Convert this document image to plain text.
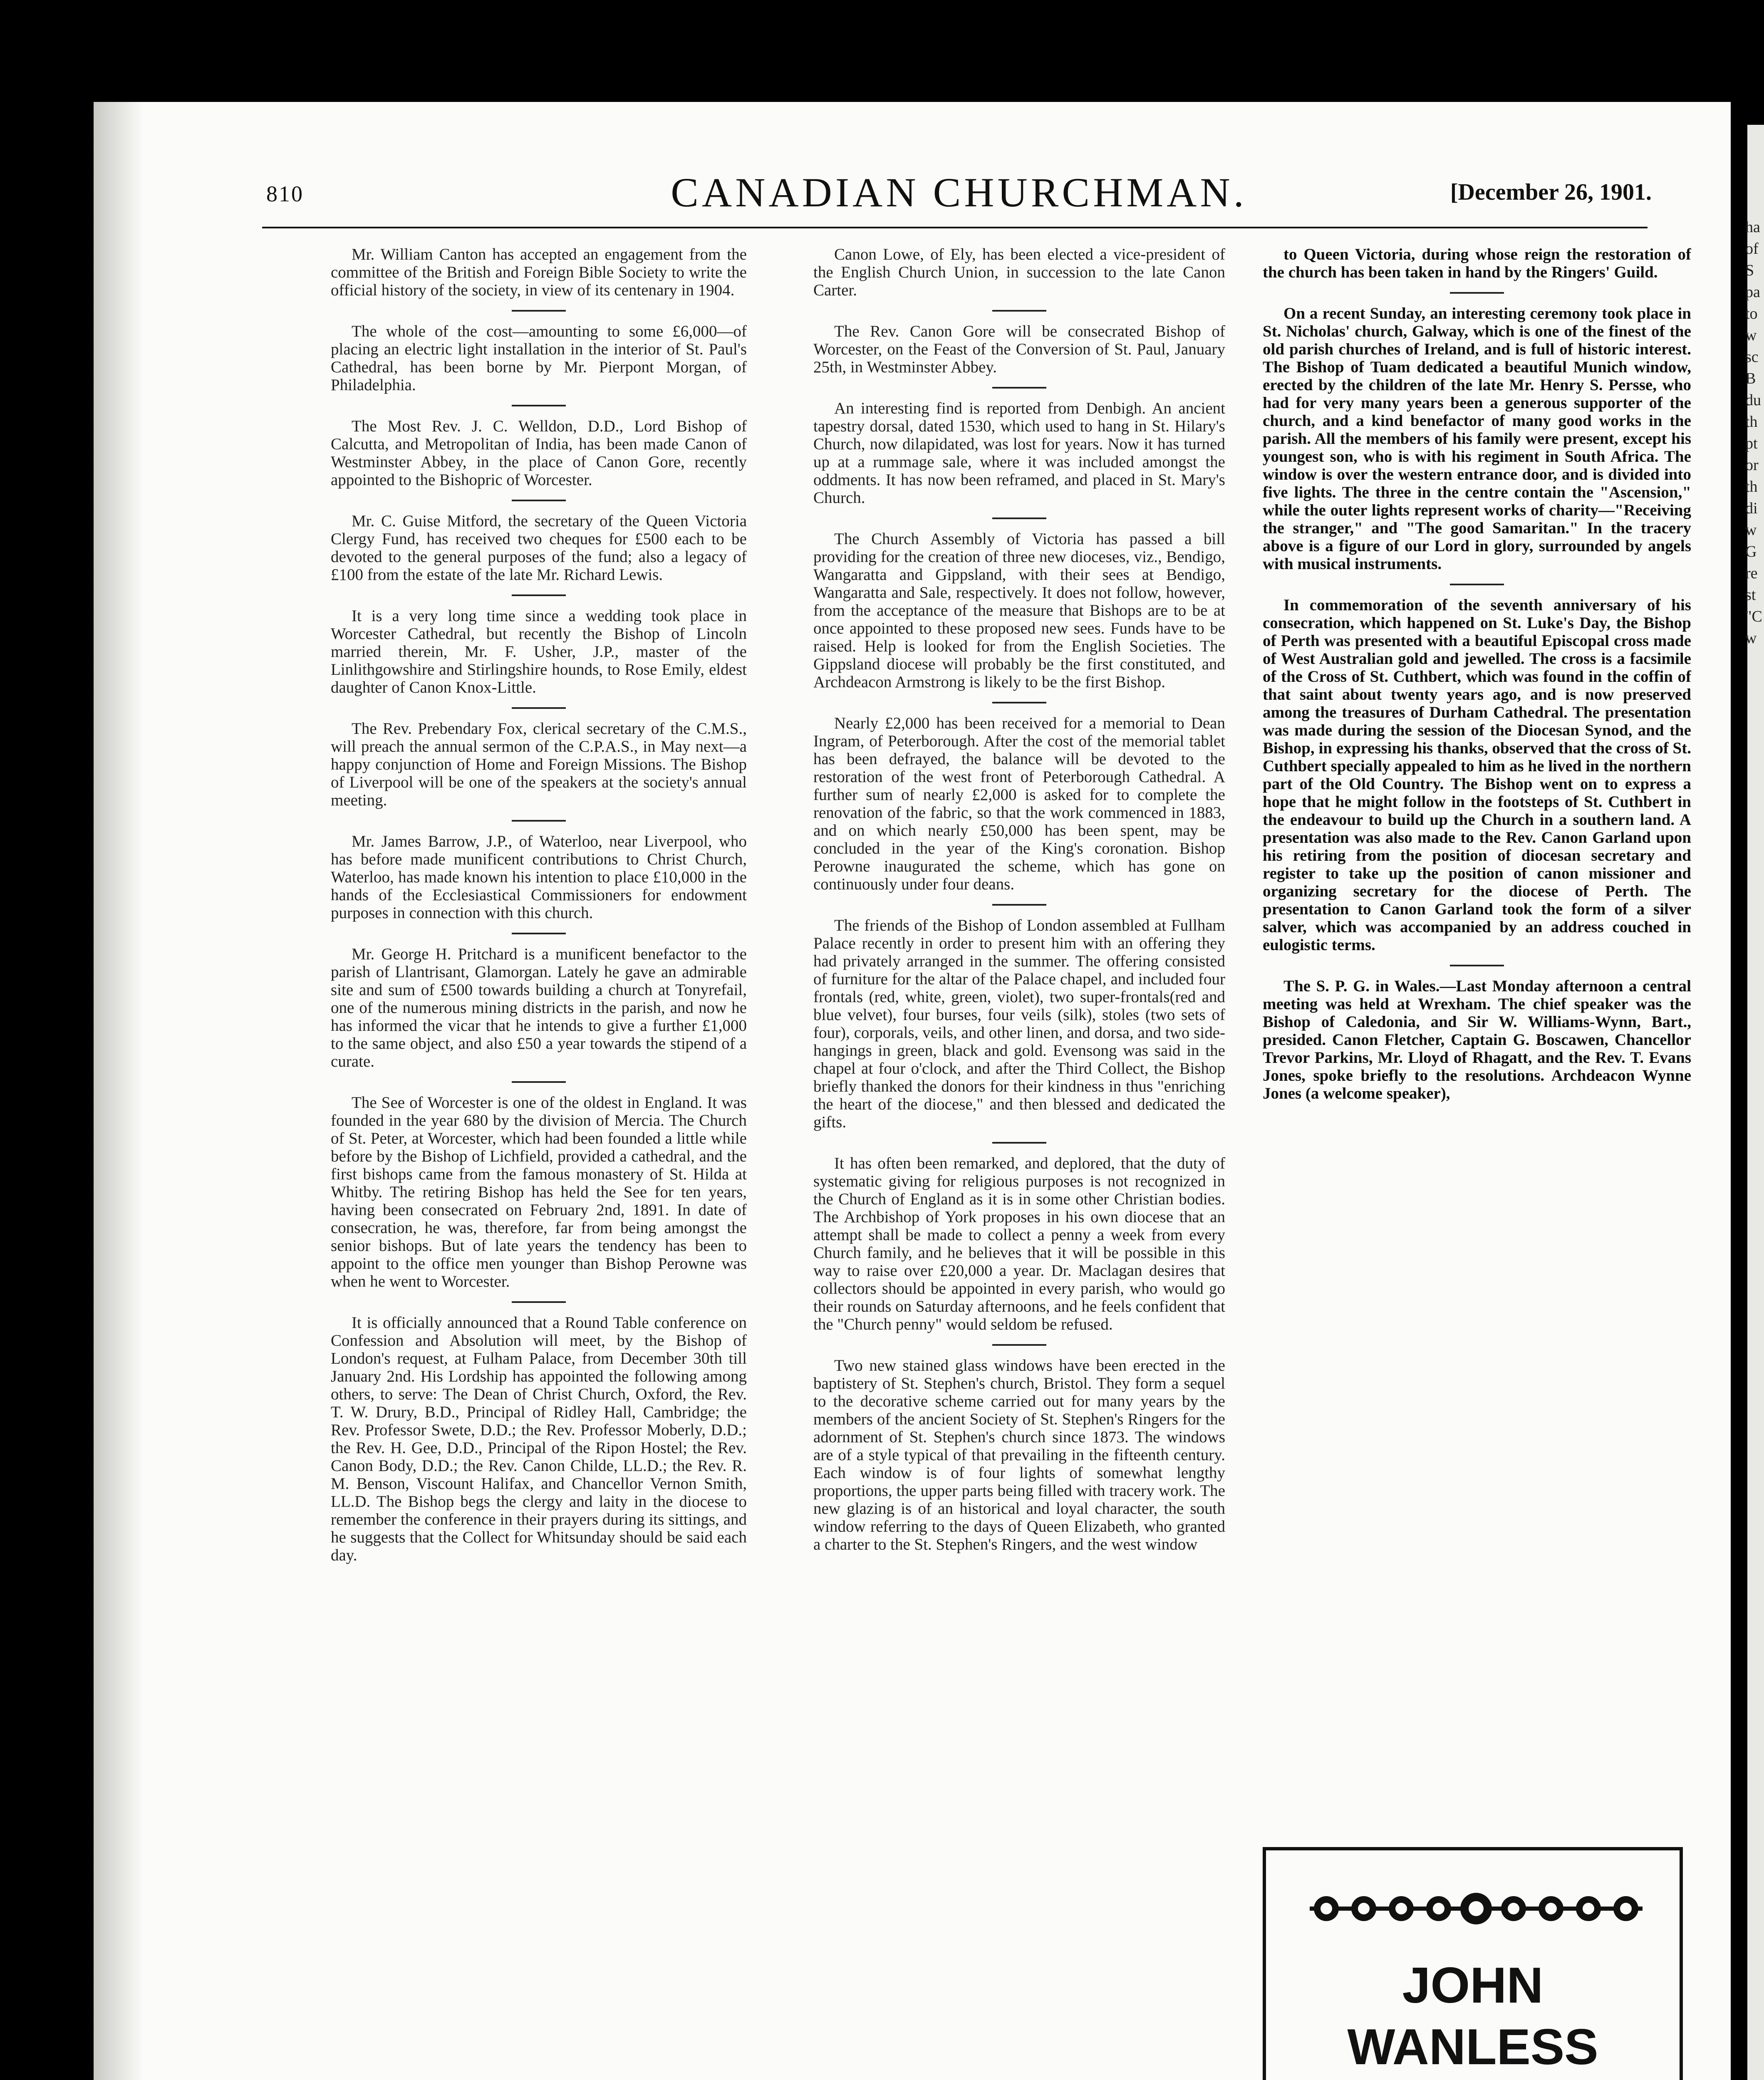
810	CANADIAN CHURCHMAN.	[December 26, 1901.

Mr. William Canton has accepted an engagement from the committee of the British and Foreign Bible Society to write the official history of the society, in view of its centenary in 1904.

The whole of the cost—amounting to some £6,000—of placing an electric light installation in the interior of St. Paul's Cathedral, has been borne by Mr. Pierpont Morgan, of Philadelphia.

The Most Rev. J. C. Welldon, D.D., Lord Bishop of Calcutta, and Metropolitan of India, has been made Canon of Westminster Abbey, in the place of Canon Gore, recently appointed to the Bishopric of Worcester.

Mr. C. Guise Mitford, the secretary of the Queen Victoria Clergy Fund, has received two cheques for £500 each to be devoted to the general purposes of the fund; also a legacy of £100 from the estate of the late Mr. Richard Lewis.

It is a very long time since a wedding took place in Worcester Cathedral, but recently the Bishop of Lincoln married therein, Mr. F. Usher, J.P., master of the Linlithgowshire and Stirlingshire hounds, to Rose Emily, eldest daughter of Canon Knox-Little.

The Rev. Prebendary Fox, clerical secretary of the C.M.S., will preach the annual sermon of the C.P.A.S., in May next—a happy conjunction of Home and Foreign Missions. The Bishop of Liverpool will be one of the speakers at the society's annual meeting.

Mr. James Barrow, J.P., of Waterloo, near Liverpool, who has before made munificent contributions to Christ Church, Waterloo, has made known his intention to place £10,000 in the hands of the Ecclesiastical Commissioners for endowment purposes in connection with this church.

Mr. George H. Pritchard is a munificent benefactor to the parish of Llantrisant, Glamorgan. Lately he gave an admirable site and sum of £500 towards building a church at Tonyrefail, one of the numerous mining districts in the parish, and now he has informed the vicar that he intends to give a further £1,000 to the same object, and also £50 a year towards the stipend of a curate.

The See of Worcester is one of the oldest in England. It was founded in the year 680 by the division of Mercia. The Church of St. Peter, at Worcester, which had been founded a little while before by the Bishop of Lichfield, provided a cathedral, and the first bishops came from the famous monastery of St. Hilda at Whitby. The retiring Bishop has held the See for ten years, having been consecrated on February 2nd, 1891. In date of consecration, he was, therefore, far from being amongst the senior bishops. But of late years the tendency has been to appoint to the office men younger than Bishop Perowne was when he went to Worcester.

It is officially announced that a Round Table conference on Confession and Absolution will meet, by the Bishop of London's request, at Fulham Palace, from December 30th till January 2nd. His Lordship has appointed the following among others, to serve: The Dean of Christ Church, Oxford, the Rev. T. W. Drury, B.D., Principal of Ridley Hall, Cambridge; the Rev. Professor Swete, D.D.; the Rev. Professor Moberly, D.D.; the Rev. H. Gee, D.D., Principal of the Ripon Hostel; the Rev. Canon Body, D.D.; the Rev. Canon Childe, LL.D.; the Rev. R. M. Benson, Viscount Halifax, and Chancellor Vernon Smith, LL.D. The Bishop begs the clergy and laity in the diocese to remember the conference in their prayers during its sittings, and he suggests that the Collect for Whitsunday should be said each day.

Canon Lowe, of Ely, has been elected a vice-president of the English Church Union, in succession to the late Canon Carter.

The Rev. Canon Gore will be consecrated Bishop of Worcester, on the Feast of the Conversion of St. Paul, January 25th, in Westminster Abbey.

An interesting find is reported from Denbigh. An ancient tapestry dorsal, dated 1530, which used to hang in St. Hilary's Church, now dilapidated, was lost for years. Now it has turned up at a rummage sale, where it was included amongst the oddments. It has now been reframed, and placed in St. Mary's Church.

The Church Assembly of Victoria has passed a bill providing for the creation of three new dioceses, viz., Bendigo, Wangaratta and Gippsland, with their sees at Bendigo, Wangaratta and Sale, respectively. It does not follow, however, from the acceptance of the measure that Bishops are to be at once appointed to these proposed new sees. Funds have to be raised. Help is looked for from the English Societies. The Gippsland diocese will probably be the first constituted, and Archdeacon Armstrong is likely to be the first Bishop.

Nearly £2,000 has been received for a memorial to Dean Ingram, of Peterborough. After the cost of the memorial tablet has been defrayed, the balance will be devoted to the restoration of the west front of Peterborough Cathedral. A further sum of nearly £2,000 is asked for to complete the renovation of the fabric, so that the work commenced in 1883, and on which nearly £50,000 has been spent, may be concluded in the year of the King's coronation. Bishop Perowne inaugurated the scheme, which has gone on continuously under four deans.

The friends of the Bishop of London assembled at Fullham Palace recently in order to present him with an offering they had privately arranged in the summer. The offering consisted of furniture for the altar of the Palace chapel, and included four frontals (red, white, green, violet), two super-frontals(red and blue velvet), four burses, four veils (silk), stoles (two sets of four), corporals, veils, and other linen, and dorsa, and two side-hangings in green, black and gold. Evensong was said in the chapel at four o'clock, and after the Third Collect, the Bishop briefly thanked the donors for their kindness in thus "enriching the heart of the diocese," and then blessed and dedicated the gifts.

It has often been remarked, and deplored, that the duty of systematic giving for religious purposes is not recognized in the Church of England as it is in some other Christian bodies. The Archbishop of York proposes in his own diocese that an attempt shall be made to collect a penny a week from every Church family, and he believes that it will be possible in this way to raise over £20,000 a year. Dr. Maclagan desires that collectors should be appointed in every parish, who would go their rounds on Saturday afternoons, and he feels confident that the "Church penny" would seldom be refused.

Two new stained glass windows have been erected in the baptistery of St. Stephen's church, Bristol. They form a sequel to the decorative scheme carried out for many years by the members of the ancient Society of St. Stephen's Ringers for the adornment of St. Stephen's church since 1873. The windows are of a style typical of that prevailing in the fifteenth century. Each window is of four lights of somewhat lengthy proportions, the upper parts being filled with tracery work. The new glazing is of an historical and loyal character, the south window referring to the days of Queen Elizabeth, who granted a charter to the St. Stephen's Ringers, and the west window

to Queen Victoria, during whose reign the restoration of the church has been taken in hand by the Ringers' Guild.

On a recent Sunday, an interesting ceremony took place in St. Nicholas' church, Galway, which is one of the finest of the old parish churches of Ireland, and is full of historic interest. The Bishop of Tuam dedicated a beautiful Munich window, erected by the children of the late Mr. Henry S. Persse, who had for very many years been a generous supporter of the church, and a kind benefactor of many good works in the parish. All the members of his family were present, except his youngest son, who is with his regiment in South Africa. The window is over the western entrance door, and is divided into five lights. The three in the centre contain the "Ascension," while the outer lights represent works of charity—"Receiving the stranger," and "The good Samaritan." In the tracery above is a figure of our Lord in glory, surrounded by angels with musical instruments.

In commemoration of the seventh anniversary of his consecration, which happened on St. Luke's Day, the Bishop of Perth was presented with a beautiful Episcopal cross made of West Australian gold and jewelled. The cross is a facsimile of the Cross of St. Cuthbert, which was found in the coffin of that saint about twenty years ago, and is now preserved among the treasures of Durham Cathedral. The presentation was made during the session of the Diocesan Synod, and the Bishop, in expressing his thanks, observed that the cross of St. Cuthbert specially appealed to him as he lived in the northern part of the Old Country. The Bishop went on to express a hope that he might follow in the footsteps of St. Cuthbert in the endeavour to build up the Church in a southern land. A presentation was also made to the Rev. Canon Garland upon his retiring from the position of diocesan secretary and register to take up the position of canon missioner and organizing secretary for the diocese of Perth. The presentation to Canon Garland took the form of a silver salver, which was accompanied by an address couched in eulogistic terms.

The S. P. G. in Wales.—Last Monday afternoon a central meeting was held at Wrexham. The chief speaker was the Bishop of Caledonia, and Sir W. Williams-Wynn, Bart., presided. Canon Fletcher, Captain G. Boscawen, Chancellor Trevor Parkins, Mr. Lloyd of Rhagatt, and the Rev. T. Evans Jones, spoke briefly to the resolutions. Archdeacon Wynne Jones (a welcome speaker),

JOHN WANLESS
ha
of
S
pa
to
w
sc
B
du
th
pt
or
th
di
w
G
re
st
"C
w
